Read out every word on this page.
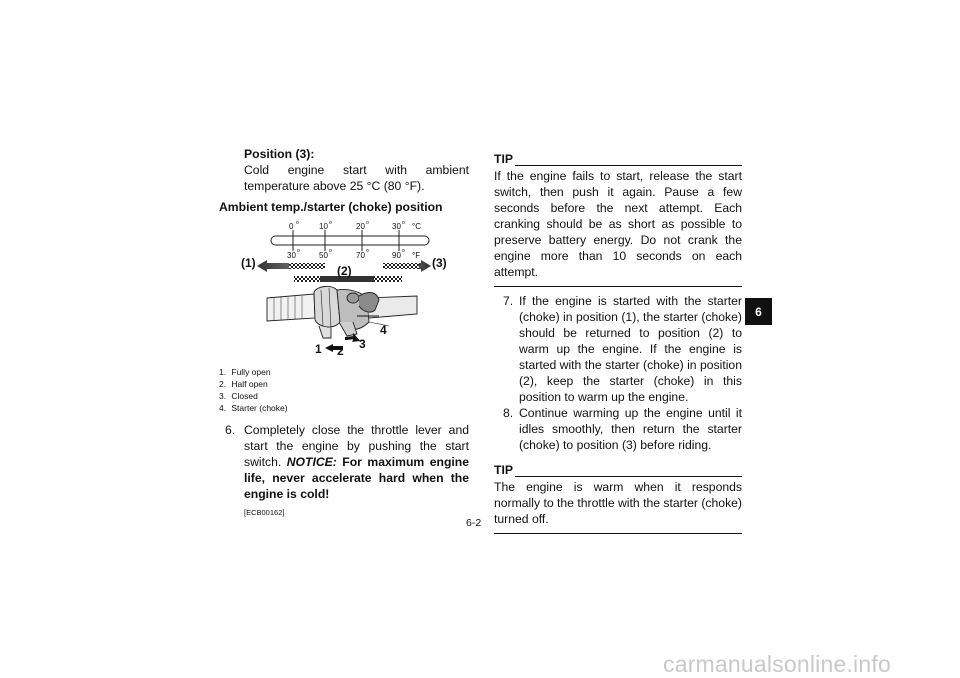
Position (3):
Cold engine start with ambient temperature above 25 °C (80 °F).
Ambient temp./starter (choke) position
0 o	10 o	20 o	30 o °C
30 o 50 o	70 o	90 o °F
(1)
(2)
(3)
1 2 3
4
1. Fully open
2. Half open
3. Closed
4. Starter (choke)
6. Completely close the throttle lever and start the engine by pushing the start switch. NOTICE: For maximum engine life, never accelerate hard when the engine is cold!
[ECB00162]
TIP
If the engine fails to start, release the start switch, then push it again. Pause a few seconds before the next attempt. Each cranking should be as short as possible to preserve battery energy. Do not crank the engine more than 10 seconds on each attempt.
7. If the engine is started with the starter (choke) in position (1), the starter (choke) should be returned to position (2) to warm up the engine. If the engine is started with the starter (choke) in position (2), keep the starter (choke) in this position to warm up the engine.
8. Continue warming up the engine until it idles smoothly, then return the starter (choke) to position (3) before riding.
TIP
The engine is warm when it responds normally to the throttle with the starter (choke) turned off.
6
6-2
carmanualsonline.info
